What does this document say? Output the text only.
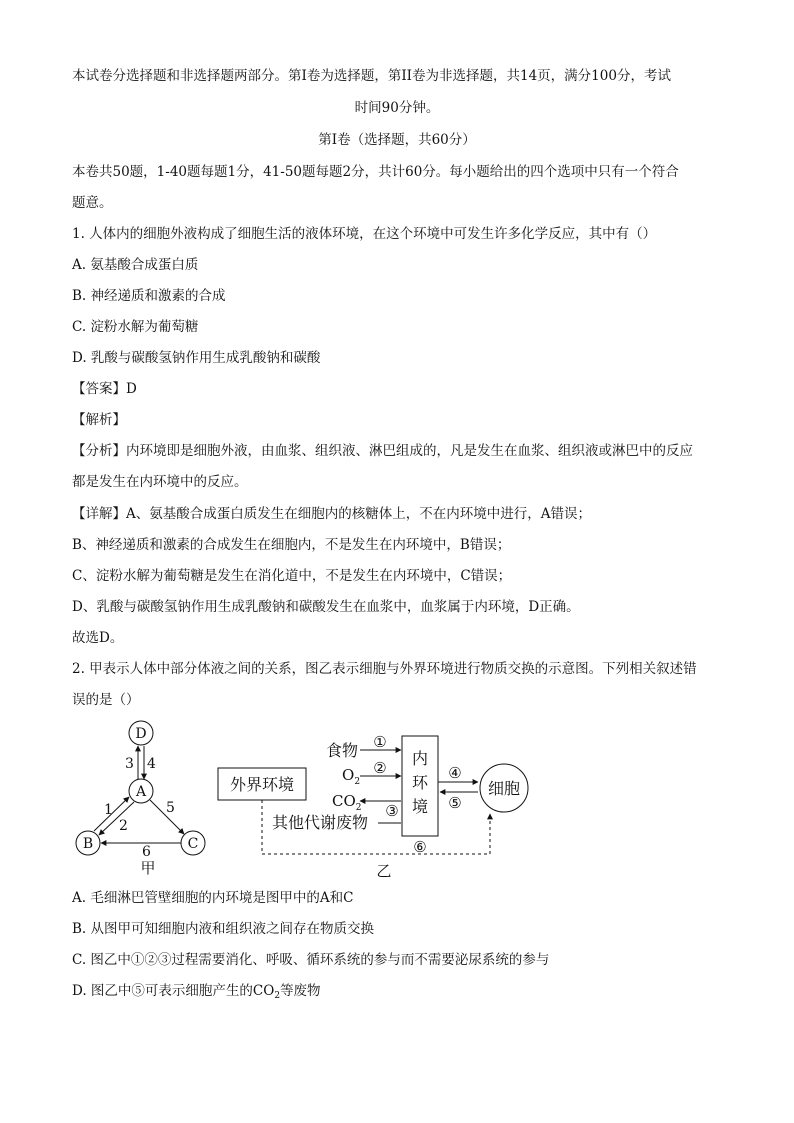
本试卷分选择题和非选择题两部分。第Ⅰ卷为选择题，第ⅠⅠ卷为非选择题，共14页，满分100分，考试
时间90分钟。
第Ⅰ卷（选择题，共60分）
本卷共50题，1-40题每题1分，41-50题每题2分，共计60分。每小题给出的四个选项中只有一个符合
题意。
1. 人体内的细胞外液构成了细胞生活的液体环境，在这个环境中可发生许多化学反应，其中有（）
A. 氨基酸合成蛋白质
B. 神经递质和激素的合成
C. 淀粉水解为葡萄糖
D. 乳酸与碳酸氢钠作用生成乳酸钠和碳酸
【答案】D
【解析】
【分析】内环境即是细胞外液，由血浆、组织液、淋巴组成的，凡是发生在血浆、组织液或淋巴中的反应
都是发生在内环境中的反应。
【详解】A、氨基酸合成蛋白质发生在细胞内的核糖体上，不在内环境中进行，A错误；
B、神经递质和激素的合成发生在细胞内，不是发生在内环境中，B错误；
C、淀粉水解为葡萄糖是发生在消化道中，不是发生在内环境中，C错误；
D、乳酸与碳酸氢钠作用生成乳酸钠和碳酸发生在血浆中，血浆属于内环境，D正确。
故选D。
2. 甲表示人体中部分体液之间的关系，图乙表示细胞与外界环境进行物质交换的示意图。下列相关叙述错
误的是（）
D
A
B	C
3 4
1
2
5
6
甲
外界环境
内
环
境
细胞
食物 ①
$O_2$
②
$CO_2$ ③
其他代谢废物
④
⑤
⑥
乙
A. 毛细淋巴管壁细胞的内环境是图甲中的A和C
B. 从图甲可知细胞内液和组织液之间存在物质交换
C. 图乙中①②③过程需要消化、呼吸、循环系统的参与而不需要泌尿系统的参与
D. 图乙中⑤可表示细胞产生的$CO_2$等废物
